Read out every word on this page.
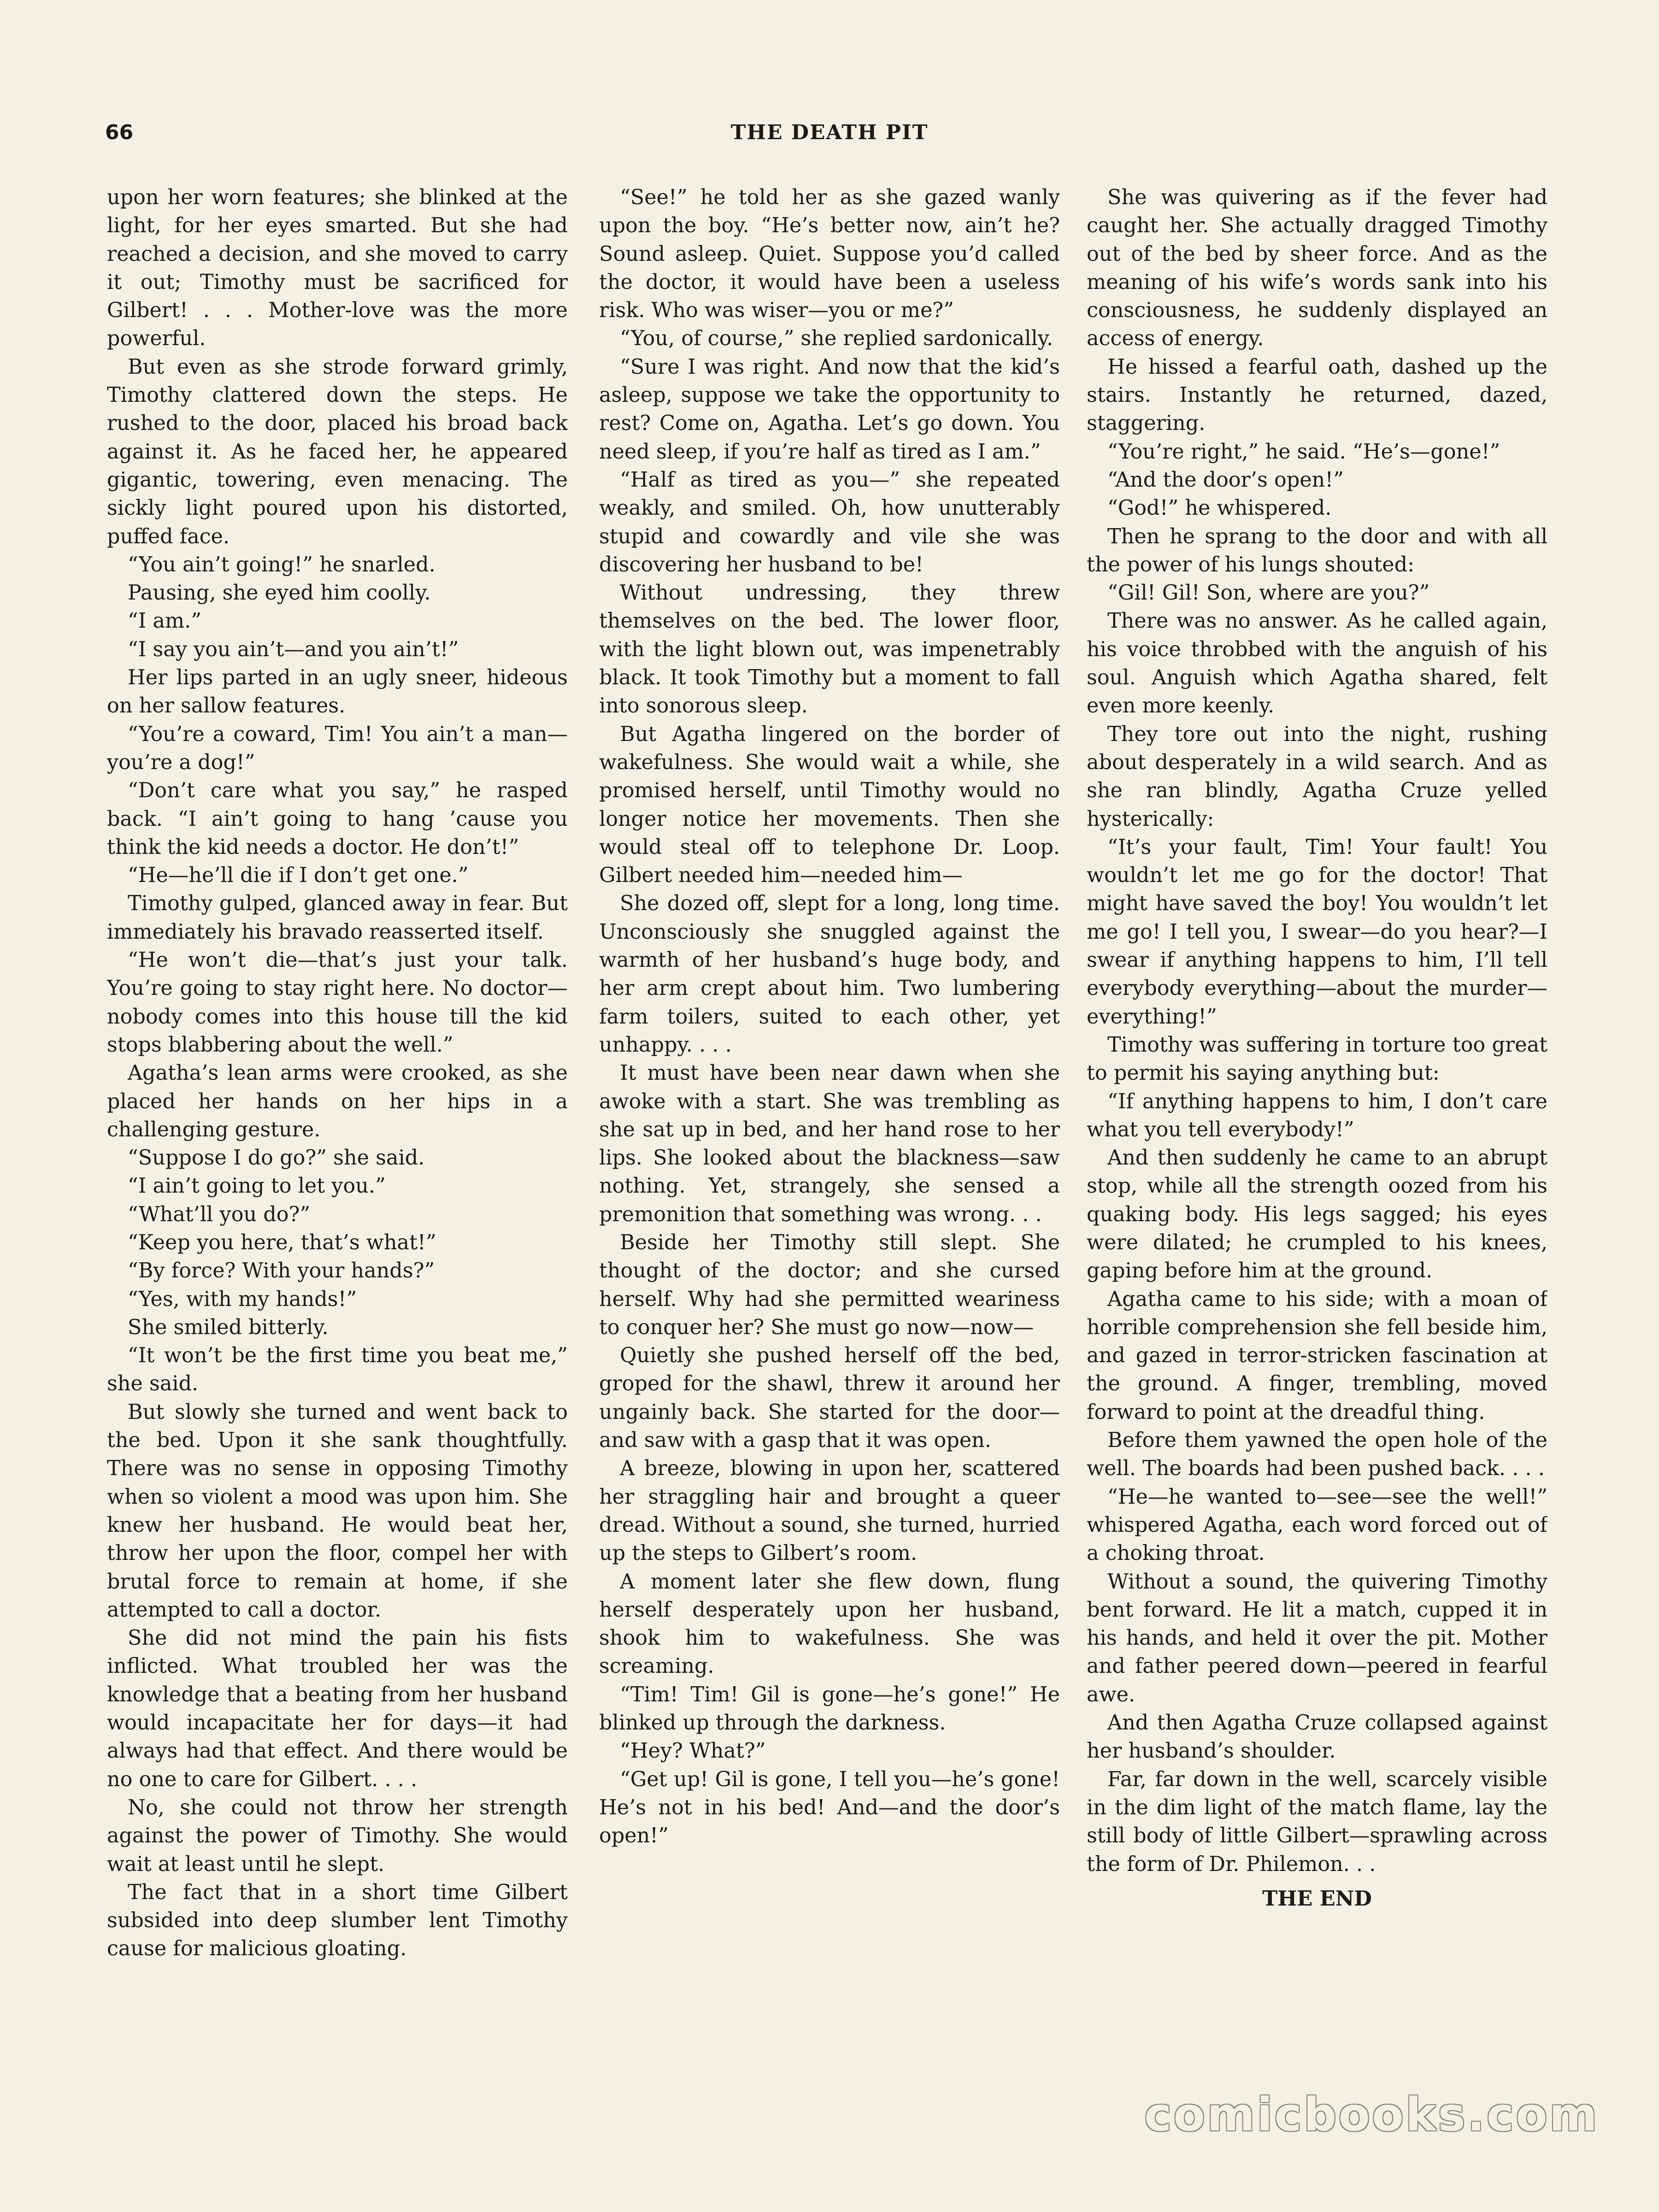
66	THE DEATH PIT

upon her worn features; she blinked at the light, for her eyes smarted. But she had reached a decision, and she moved to carry it out; Timothy must be sacrificed for Gilbert! . . . Mother-love was the more powerful.

But even as she strode forward grimly, Timothy clattered down the steps. He rushed to the door, placed his broad back against it. As he faced her, he appeared gigantic, towering, even menacing. The sickly light poured upon his distorted, puffed face.

“You ain’t going!” he snarled.

Pausing, she eyed him coolly.

“I am.”

“I say you ain’t—and you ain’t!”

Her lips parted in an ugly sneer, hideous on her sallow features.

“You’re a coward, Tim! You ain’t a man—you’re a dog!”

“Don’t care what you say,” he rasped back. “I ain’t going to hang ’cause you think the kid needs a doctor. He don’t!”

“He—he’ll die if I don’t get one.”

Timothy gulped, glanced away in fear. But immediately his bravado reasserted itself.

“He won’t die—that’s just your talk. You’re going to stay right here. No doctor—nobody comes into this house till the kid stops blabbering about the well.”

Agatha’s lean arms were crooked, as she placed her hands on her hips in a challenging gesture.

“Suppose I do go?” she said.

“I ain’t going to let you.”

“What’ll you do?”

“Keep you here, that’s what!”

“By force? With your hands?”

“Yes, with my hands!”

She smiled bitterly.

“It won’t be the first time you beat me,” she said.

But slowly she turned and went back to the bed. Upon it she sank thoughtfully. There was no sense in opposing Timothy when so violent a mood was upon him. She knew her husband. He would beat her, throw her upon the floor, compel her with brutal force to remain at home, if she attempted to call a doctor.

She did not mind the pain his fists inflicted. What troubled her was the knowledge that a beating from her husband would incapacitate her for days—it had always had that effect. And there would be no one to care for Gilbert. . . .

No, she could not throw her strength against the power of Timothy. She would wait at least until he slept.

The fact that in a short time Gilbert subsided into deep slumber lent Timothy cause for malicious gloating.

“See!” he told her as she gazed wanly upon the boy. “He’s better now, ain’t he? Sound asleep. Quiet. Suppose you’d called the doctor, it would have been a useless risk. Who was wiser—you or me?”

“You, of course,” she replied sardonically.

“Sure I was right. And now that the kid’s asleep, suppose we take the opportunity to rest? Come on, Agatha. Let’s go down. You need sleep, if you’re half as tired as I am.”

“Half as tired as you—” she repeated weakly, and smiled. Oh, how unutterably stupid and cowardly and vile she was discovering her husband to be!

Without undressing, they threw themselves on the bed. The lower floor, with the light blown out, was impenetrably black. It took Timothy but a moment to fall into sonorous sleep.

But Agatha lingered on the border of wakefulness. She would wait a while, she promised herself, until Timothy would no longer notice her movements. Then she would steal off to telephone Dr. Loop. Gilbert needed him—needed him—

She dozed off, slept for a long, long time. Unconsciously she snuggled against the warmth of her husband’s huge body, and her arm crept about him. Two lumbering farm toilers, suited to each other, yet unhappy. . . .

It must have been near dawn when she awoke with a start. She was trembling as she sat up in bed, and her hand rose to her lips. She looked about the blackness—saw nothing. Yet, strangely, she sensed a premonition that something was wrong. . .

Beside her Timothy still slept. She thought of the doctor; and she cursed herself. Why had she permitted weariness to conquer her? She must go now—now—

Quietly she pushed herself off the bed, groped for the shawl, threw it around her ungainly back. She started for the door—and saw with a gasp that it was open.

A breeze, blowing in upon her, scattered her straggling hair and brought a queer dread. Without a sound, she turned, hurried up the steps to Gilbert’s room.

A moment later she flew down, flung herself desperately upon her husband, shook him to wakefulness. She was screaming.

“Tim! Tim! Gil is gone—he’s gone!” He blinked up through the darkness.

“Hey? What?”

“Get up! Gil is gone, I tell you—he’s gone! He’s not in his bed! And—and the door’s open!”

She was quivering as if the fever had caught her. She actually dragged Timothy out of the bed by sheer force. And as the meaning of his wife’s words sank into his consciousness, he suddenly displayed an access of energy.

He hissed a fearful oath, dashed up the stairs. Instantly he returned, dazed, staggering.

“You’re right,” he said. “He’s—gone!”

“And the door’s open!”

“God!” he whispered.

Then he sprang to the door and with all the power of his lungs shouted:

“Gil! Gil! Son, where are you?”

There was no answer. As he called again, his voice throbbed with the anguish of his soul. Anguish which Agatha shared, felt even more keenly.

They tore out into the night, rushing about desperately in a wild search. And as she ran blindly, Agatha Cruze yelled hysterically:

“It’s your fault, Tim! Your fault! You wouldn’t let me go for the doctor! That might have saved the boy! You wouldn’t let me go! I tell you, I swear—do you hear?—I swear if anything happens to him, I’ll tell everybody everything—about the murder—everything!”

Timothy was suffering in torture too great to permit his saying anything but:

“If anything happens to him, I don’t care what you tell everybody!”

And then suddenly he came to an abrupt stop, while all the strength oozed from his quaking body. His legs sagged; his eyes were dilated; he crumpled to his knees, gaping before him at the ground.

Agatha came to his side; with a moan of horrible comprehension she fell beside him, and gazed in terror-stricken fascination at the ground. A finger, trembling, moved forward to point at the dreadful thing.

Before them yawned the open hole of the well. The boards had been pushed back. . . .

“He—he wanted to—see—see the well!” whispered Agatha, each word forced out of a choking throat.

Without a sound, the quivering Timothy bent forward. He lit a match, cupped it in his hands, and held it over the pit. Mother and father peered down—peered in fearful awe.

And then Agatha Cruze collapsed against her husband’s shoulder.

Far, far down in the well, scarcely visible in the dim light of the match flame, lay the still body of little Gilbert—sprawling across the form of Dr. Philemon. . .

THE END

comicbooks.com
